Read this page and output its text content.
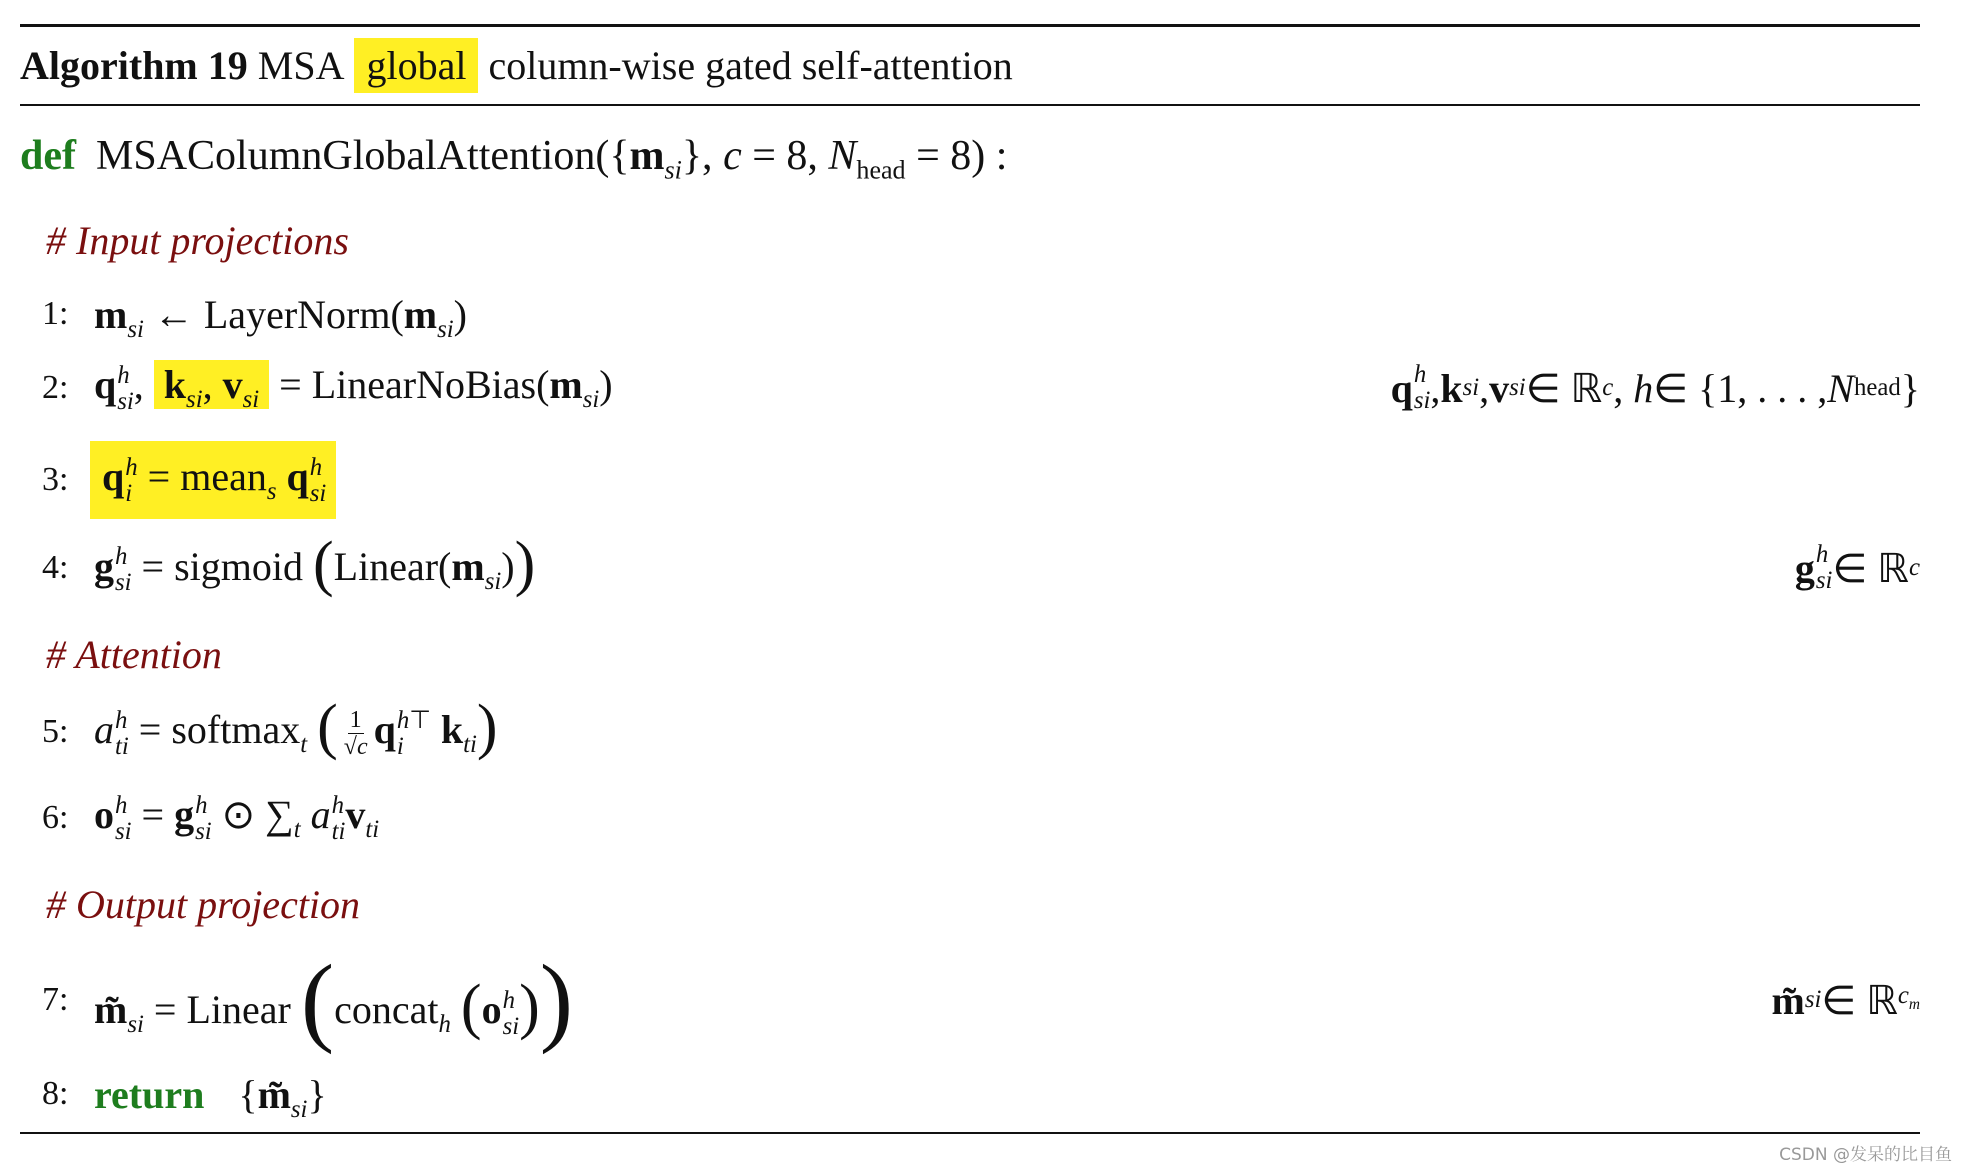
Algorithm 19 MSA global column-wise gated self-attention
def MSAColumnGlobalAttention ($\{m_{si}\}$, c = 8, $N_{head} = 8$) :
# Input projections
1: $m_{si}$ ← $LayerNorm(m_{si})$
2: q h
si , $k_{si}$, $v_{si}$ = $LinearNoBias(m_{si})$	q h
si , k si , v si ∈ ℝ c , h ∈ {1, . . . , N head }
3: q h
i = mean$_s$ q h
si
4: g h
si = sigmoid $(Linear(m_{si}))$	g h
si ∈ ℝ c
# Attention
5: a h
ti = softmax$_t$ ( $\frac{1}{√c}$ q h⊤
i $k_{ti}$)
6: o h
si = g h
si ⊙ $\sum_t$ a h
ti $v_{ti}$
# Output projection
7: $m̃_{si}$ = Linear (concat$_h$ (o h
si ))	m̃ si ∈ ℝ $c_m$
8: return $\{m̃_{si}\}$
CSDN @发呆的比目鱼
